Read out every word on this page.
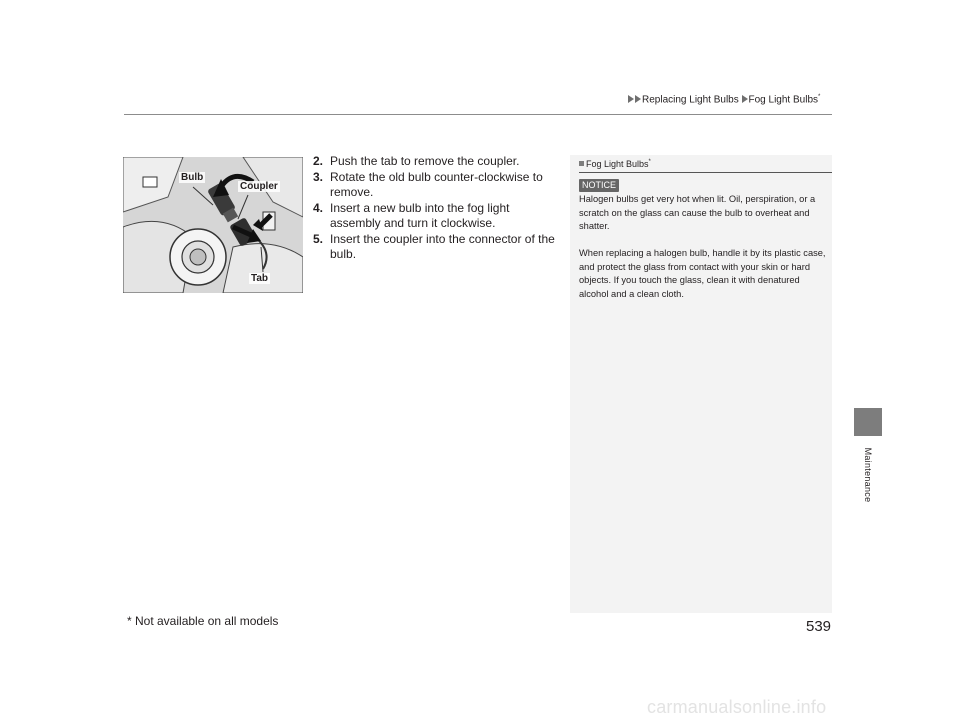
Replacing Light Bulbs Fog Light Bulbs*
Maintenance
Bulb
Coupler
Tab

2. Push the tab to remove the coupler.

3. Rotate the old bulb counter-clockwise to remove.

4. Insert a new bulb into the fog light assembly and turn it clockwise.

5. Insert the coupler into the connector of the bulb.

Fog Light Bulbs*
NOTICE

Halogen bulbs get very hot when lit. Oil, perspiration, or a scratch on the glass can cause the bulb to overheat and shatter.

When replacing a halogen bulb, handle it by its plastic case, and protect the glass from contact with your skin or hard objects. If you touch the glass, clean it with denatured alcohol and a clean cloth.

* Not available on all models	539
carmanualsonline.info
